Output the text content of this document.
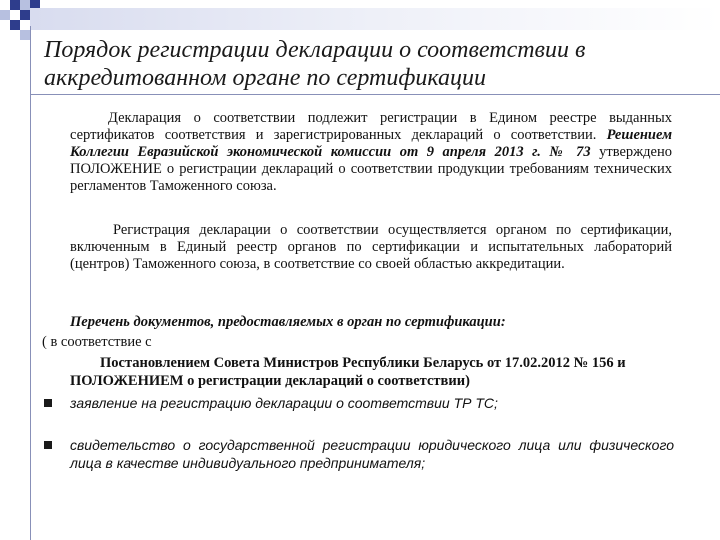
Порядок регистрации декларации о соответствии в аккредитованном органе по сертификации
Декларация о соответствии подлежит регистрации в Едином реестре выданных сертификатов соответствия и зарегистрированных деклараций о соответствии. Решением Коллегии Евразийской экономической комиссии от 9 апреля 2013 г. № 73 утверждено ПОЛОЖЕНИЕ о регистрации деклараций о соответствии продукции требованиям технических регламентов Таможенного союза.
Регистрация декларации о соответствии осуществляется органом по сертификации, включенным в Единый реестр органов по сертификации и испытательных лабораторий (центров) Таможенного союза, в соответствие со своей областью аккредитации.
Перечень документов, предоставляемых в орган по сертификации:
( в соответствие с
Постановлением Совета Министров Республики Беларусь от 17.02.2012 № 156 и ПОЛОЖЕНИЕМ о регистрации деклараций о соответствии)
заявление на регистрацию декларации о соответствии ТР ТС;
свидетельство о государственной регистрации юридического лица или физического лица в качестве индивидуального предпринимателя;
